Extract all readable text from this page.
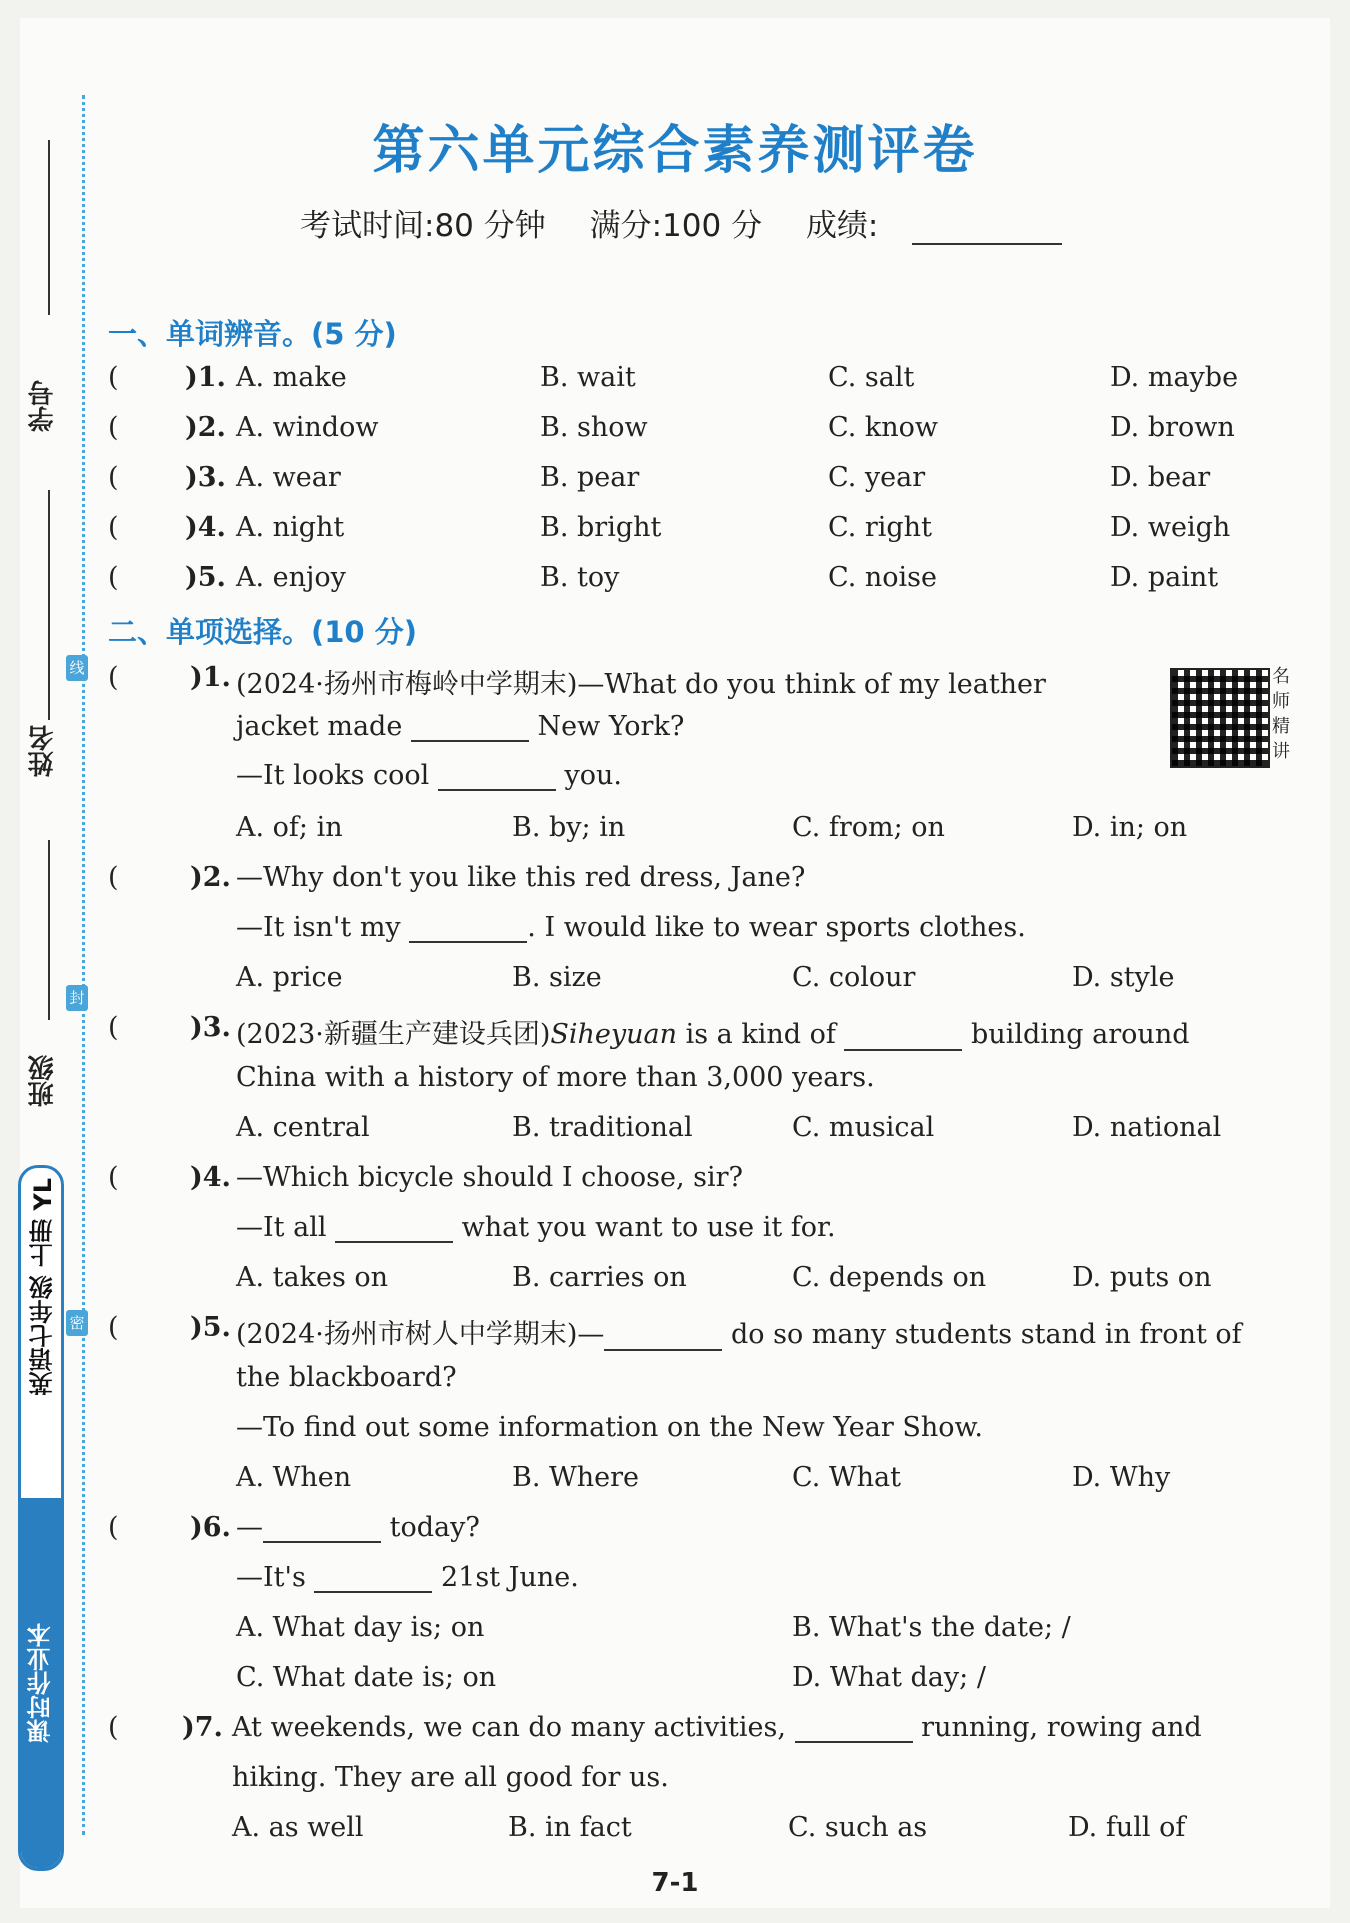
学号
姓名
班级
线
封
密
英语七年级 上册 YL
课时作业本
第六单元综合素养测评卷
考试时间:80 分钟 满分:100 分 成绩:
一、单词辨音。(5 分)
( )1. A. make	B. wait	C. salt	D. maybe
( )2. A. window	B. show	C. know	D. brown
( )3. A. wear	B. pear	C. year	D. bear
( )4. A. night	B. bright	C. right	D. weigh
( )5. A. enjoy	B. toy	C. noise	D. paint
二、单项选择。(10 分)
(	)1. (2024·扬州市梅岭中学期末)—What do you think of my leather
jacket made	New York?
—It looks cool	you.
A. of; in	B. by; in	C. from; on	D. in; on
名师精讲
(	)2. —Why don't you like this red dress, Jane?
—It isn't my	. I would like to wear sports clothes.
A. price	B. size	C. colour	D. style
(	)3. (2023·新疆生产建设兵团)Siheyuan is a kind of	building around
China with a history of more than 3,000 years.
A. central	B. traditional	C. musical	D. national
(	)4. —Which bicycle should I choose, sir?
—It all	what you want to use it for.
A. takes on	B. carries on	C. depends on	D. puts on
(	)5. (2024·扬州市树人中学期末)—	do so many students stand in front of
the blackboard?
—To find out some information on the New Year Show.
A. When	B. Where	C. What	D. Why
(	)6. —	today?
—It's	21st June.
A. What day is; on	B. What's the date; /
C. What date is; on	D. What day; /
( )7. At weekends, we can do many activities,	running, rowing and
hiking. They are all good for us.
A. as well	B. in fact	C. such as	D. full of
7-1
